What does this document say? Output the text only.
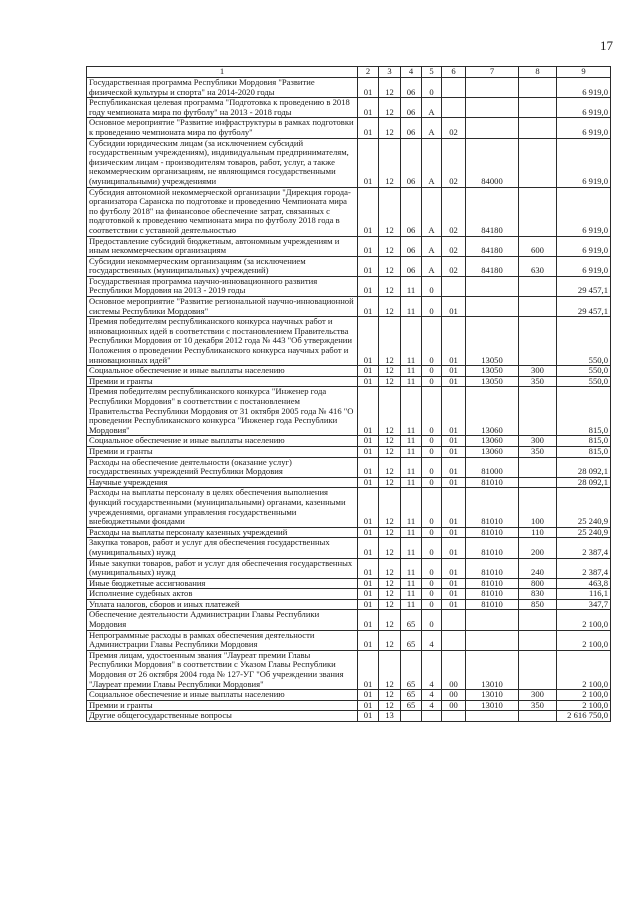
17
1	2	3	4	5	6	7	8	9
Государственная программа Республики Мордовия "Развитие физической культуры и спорта" на 2014-2020 годы	01	12	06	0				6 919,0
Республиканская целевая программа "Подготовка к проведению в 2018 году чемпионата мира по футболу" на 2013 - 2018 годы	01	12	06	А				6 919,0
Основное мероприятие "Развитие инфраструктуры в рамках подготовки к проведению чемпионата мира по футболу"	01	12	06	А	02			6 919,0
Субсидии юридическим лицам (за исключением субсидий государственным учреждениям), индивидуальным предпринимателям, физическим лицам - производителям товаров, работ, услуг, а также некоммерческим организациям, не являющимся государственными (муниципальными) учреждениями	01	12	06	А	02	84000		6 919,0
Субсидия автономной некоммерческой организации "Дирекция города-организатора Саранска по подготовке и проведению Чемпионата мира по футболу 2018" на финансовое обеспечение затрат, связанных с подготовкой к проведению чемпионата мира по футболу 2018 года в соответствии с уставной деятельностью	01	12	06	А	02	84180		6 919,0
Предоставление субсидий бюджетным, автономным учреждениям и иным некоммерческим организациям	01	12	06	А	02	84180	600	6 919,0
Субсидии некоммерческим организациям (за исключением государственных (муниципальных) учреждений)	01	12	06	А	02	84180	630	6 919,0
Государственная программа научно-инновационного развития Республики Мордовия на 2013 - 2019 годы	01	12	11	0				29 457,1
Основное мероприятие "Развитие региональной научно-инновационной системы Республики Мордовия"	01	12	11	0	01			29 457,1
Премия победителям республиканского конкурса научных работ и инновационных идей в соответствии с постановлением Правительства Республики Мордовия от 10 декабря 2012 года № 443 "Об утверждении Положения о проведении Республиканского конкурса научных работ и инновационных идей"	01	12	11	0	01	13050		550,0
Социальное обеспечение и иные выплаты населению	01	12	11	0	01	13050	300	550,0
Премии и гранты	01	12	11	0	01	13050	350	550,0
Премия победителям республиканского конкурса "Инженер года Республики Мордовия" в соответствии с постановлением Правительства Республики Мордовия от 31 октября 2005 года № 416 "О проведении Республиканского конкурса "Инженер года Республики Мордовия"	01	12	11	0	01	13060		815,0
Социальное обеспечение и иные выплаты населению	01	12	11	0	01	13060	300	815,0
Премии и гранты	01	12	11	0	01	13060	350	815,0
Расходы на обеспечение деятельности (оказание услуг) государственных учреждений Республики Мордовия	01	12	11	0	01	81000		28 092,1
Научные учреждения	01	12	11	0	01	81010		28 092,1
Расходы на выплаты персоналу в целях обеспечения выполнения функций государственными (муниципальными) органами, казенными учреждениями, органами управления государственными внебюджетными фондами	01	12	11	0	01	81010	100	25 240,9
Расходы на выплаты персоналу казенных учреждений	01	12	11	0	01	81010	110	25 240,9
Закупка товаров, работ и услуг для обеспечения государственных (муниципальных) нужд	01	12	11	0	01	81010	200	2 387,4
Иные закупки товаров, работ и услуг для обеспечения государственных (муниципальных) нужд	01	12	11	0	01	81010	240	2 387,4
Иные бюджетные ассигнования	01	12	11	0	01	81010	800	463,8
Исполнение судебных актов	01	12	11	0	01	81010	830	116,1
Уплата налогов, сборов и иных платежей	01	12	11	0	01	81010	850	347,7
Обеспечение деятельности Администрации Главы Республики Мордовия	01	12	65	0				2 100,0
Непрограммные расходы в рамках обеспечения деятельности Администрации Главы Республики Мордовия	01	12	65	4				2 100,0
Премия лицам, удостоенным звания "Лауреат премии Главы Республики Мордовия" в соответствии с Указом Главы Республики Мордовия от 26 октября 2004 года № 127-УГ "Об учреждении звания "Лауреат премии Главы Республики Мордовия"	01	12	65	4	00	13010		2 100,0
Социальное обеспечение и иные выплаты населению	01	12	65	4	00	13010	300	2 100,0
Премии и гранты	01	12	65	4	00	13010	350	2 100,0
Другие общегосударственные вопросы	01	13						2 616 750,0
